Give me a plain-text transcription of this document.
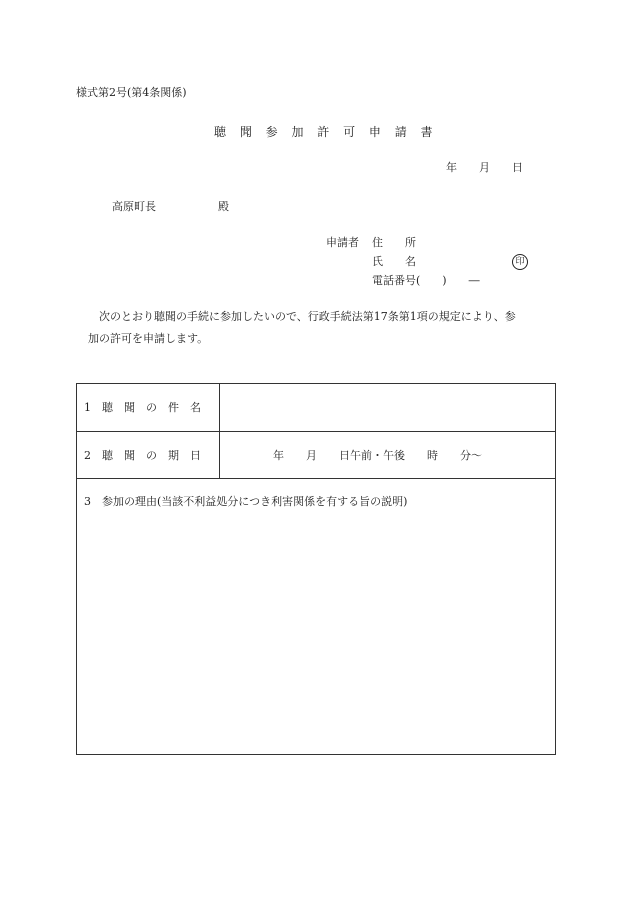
様式第2号(第4条関係)
聴 聞 参 加 許 可 申 請 書
年　　月　　日
高原町長	殿
申請者 住　　所
氏　　名	印
電話番号(　　)　　―
次のとおり聴聞の手続に参加したいので、行政手続法第17条第1項の規定により、参
加の許可を申請します。
1　聴　聞　の　件　名
2　聴　聞　の　期　日	年　　月　　日午前・午後　　時　　分～
3　参加の理由(当該不利益処分につき利害関係を有する旨の説明)
